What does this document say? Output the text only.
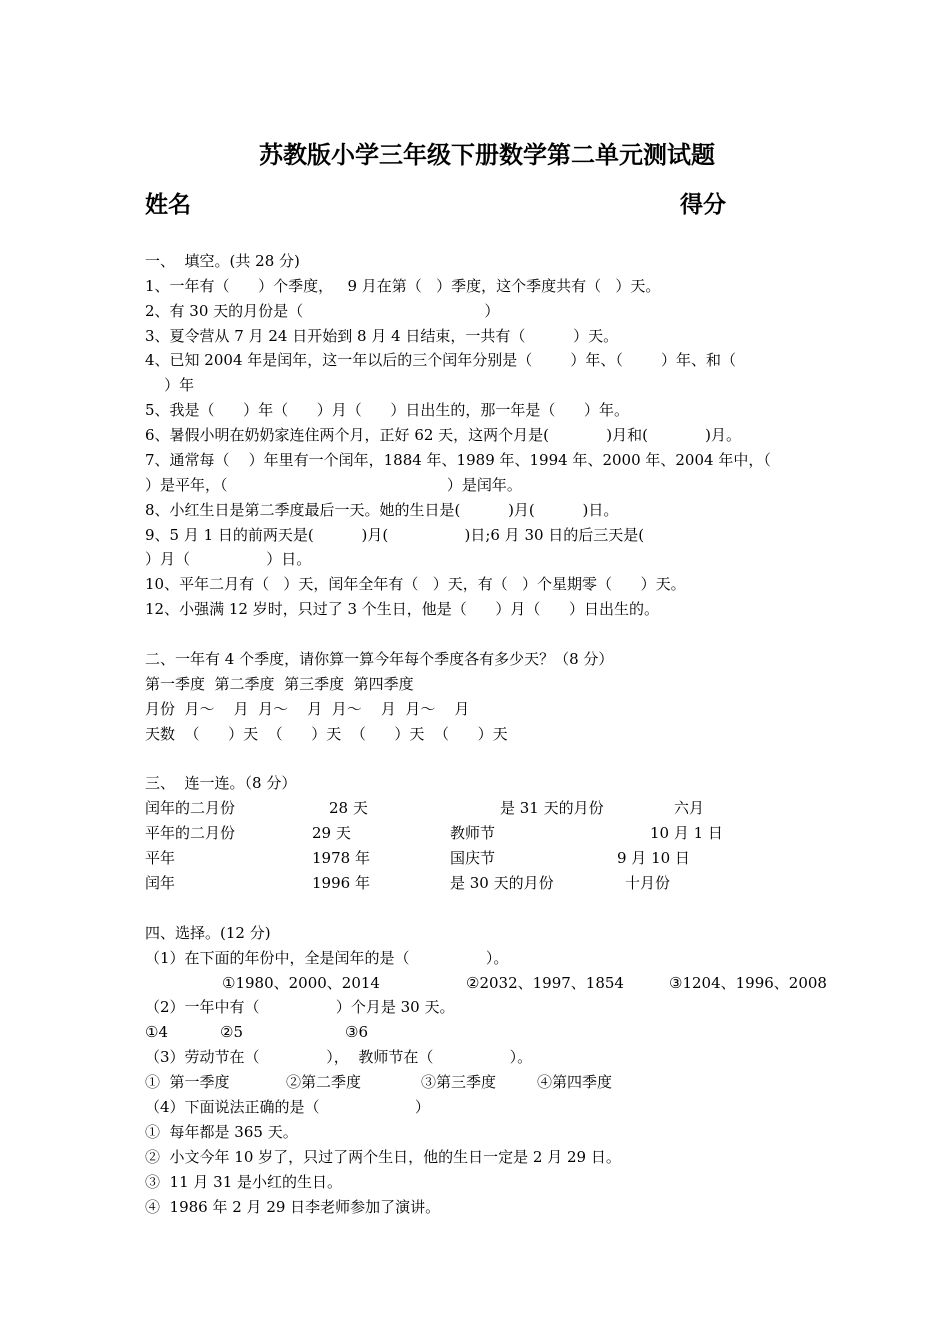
苏教版小学三年级下册数学第二单元测试题
姓名	得分
一、  填空。(共 28 分)
1、一年有（      ）个季度，   9 月在第（   ）季度，这个季度共有（   ）天。
2、有 30 天的月份是（                                      ）
3、夏令营从 7 月 24 日开始到 8 月 4 日结束，一共有（          ）天。
4、已知 2004 年是闰年，这一年以后的三个闰年分别是（        ）年、（        ）年、和（
）年
5、我是（      ）年（      ）月（      ）日出生的，那一年是（      ）年。
6、暑假小明在奶奶家连住两个月，正好 62 天，这两个月是(            )月和(            )月。
7、通常每（    ）年里有一个闰年，1884 年、1989 年、1994 年、2000 年、2004 年中，（
）是平年，（                                              ）是闰年。
8、小红生日是第二季度最后一天。她的生日是(          )月(          )日。
9、5 月 1 日的前两天是(          )月(                )日;6 月 30 日的后三天是(
）月（                ）日。
10、平年二月有（   ）天，闰年全年有（   ）天，有（   ）个星期零（      ）天。
12、小强满 12 岁时，只过了 3 个生日，他是（      ）月（      ）日出生的。
二、一年有 4 个季度，请你算一算今年每个季度各有多少天？（8 分）
第一季度  第二季度  第三季度  第四季度
月份  月～    月  月～    月  月～    月  月～    月
天数  （      ）天  （      ）天  （      ）天  （      ）天
三、  连一连。（8 分）
闰年的二月份	28 天	是 31 天的月份	六月
平年的二月份	29 天	教师节	10 月 1 日
平年	1978 年	国庆节	9 月 10 日
闰年	1996 年	是 30 天的月份	十月份
四、选择。(12 分)
（1）在下面的年份中，全是闰年的是（                ）。
①1980、2000、2014	②2032、1997、1854	③1204、1996、2008
（2）一年中有（                ）个月是 30 天。
①4	②5	③6
（3）劳动节在（              ），  教师节在（                ）。
①  第一季度	②第二季度	③第三季度	④第四季度
（4）下面说法正确的是（                    ）
①  每年都是 365 天。
②  小文今年 10 岁了，只过了两个生日，他的生日一定是 2 月 29 日。
③  11 月 31 是小红的生日。
④  1986 年 2 月 29 日李老师参加了演讲。
